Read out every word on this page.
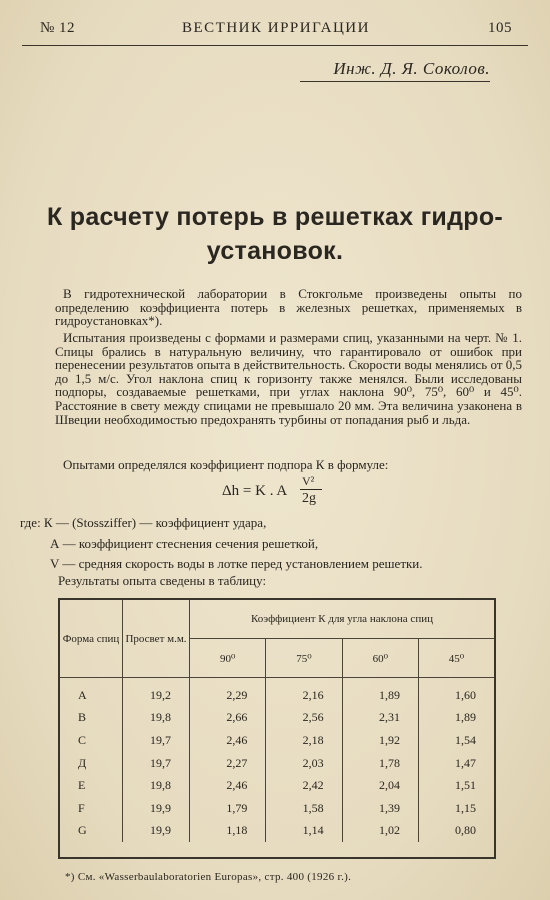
№ 12	ВЕСТНИК ИРРИГАЦИИ	105
Инж. Д. Я. Соколов.
К расчету потерь в решетках гидро-
установок.
В гидротехнической лаборатории в Стокгольме произведены опыты по определению коэффициента потерь в железных решетках, применяемых в гидроустановках*).
Испытания произведены с формами и размерами спиц, указанными на черт. № 1. Спицы брались в натуральную величину, что гарантировало от ошибок при перенесении результатов опыта в действительность. Скорости воды менялись от 0,5 до 1,5 м/с. Угол наклона спиц к горизонту также менялся. Были исследованы подпоры, создаваемые решетками, при углах наклона 90⁰, 75⁰, 60⁰ и 45⁰. Расстояние в свету между спицами не превышало 20 мм. Эта величина узаконена в Швеции необходимостью предохранять турбины от попадания рыб и льда.
Опытами определялся коэффициент подпора К в формуле:
Δh = K . A
V²
2g
где: К — (Stossziffer) — коэффициент удара,
А — коэффициент стеснения сечения решеткой,
V — средняя скорость воды в лотке перед установлением решетки.
Результаты опыта сведены в таблицу:
Форма спиц	Просвет м.м.	Коэффициент К для угла наклона спиц			
		90⁰	75⁰	60⁰	45⁰
А	19,2	2,29	2,16	1,89	1,60
В	19,8	2,66	2,56	2,31	1,89
С	19,7	2,46	2,18	1,92	1,54
Д	19,7	2,27	2,03	1,78	1,47
Е	19,8	2,46	2,42	2,04	1,51
F	19,9	1,79	1,58	1,39	1,15
G	19,9	1,18	1,14	1,02	0,80
*) См. «Wasserbaulaboratorien Europas», стр. 400 (1926 г.).
